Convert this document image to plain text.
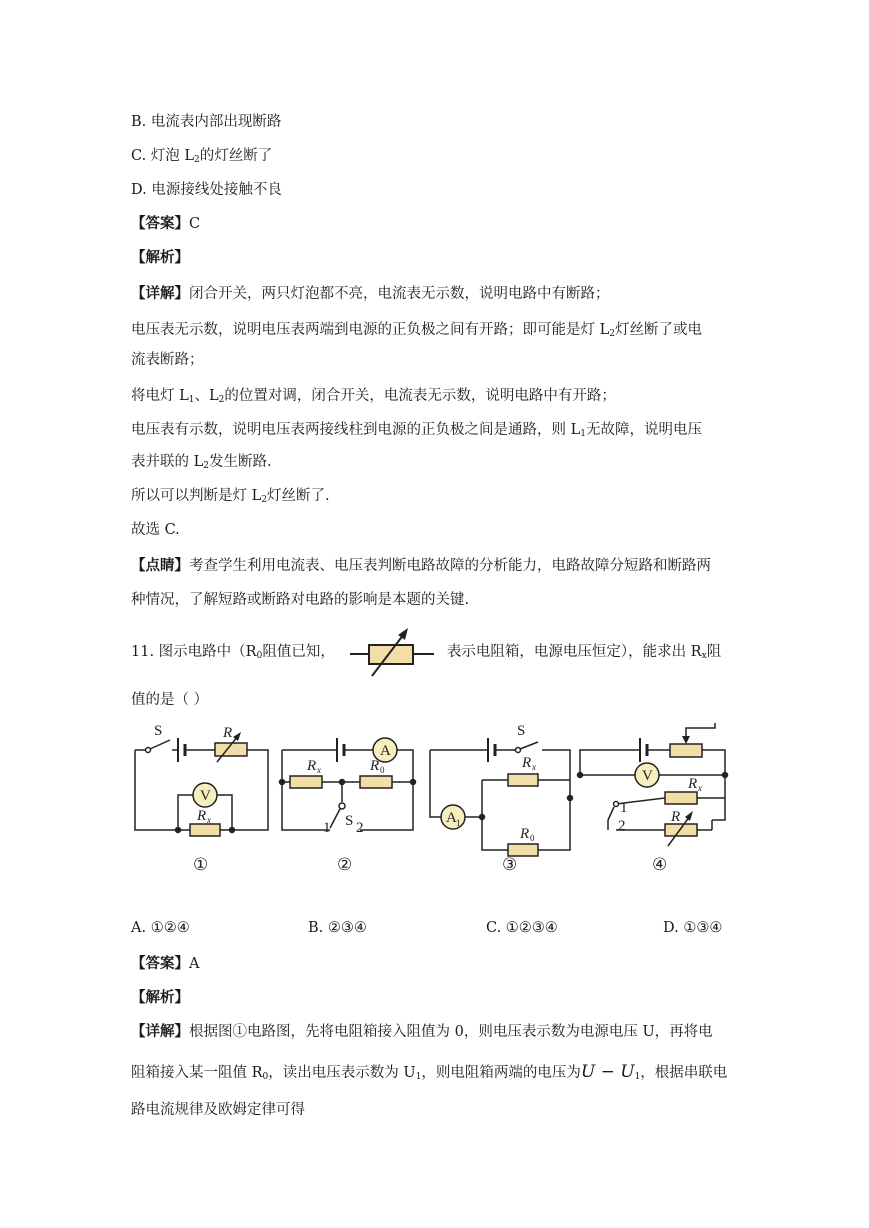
B. 电流表内部出现断路
C. 灯泡 $L_2$的灯丝断了
D. 电源接线处接触不良
【答案】C
【解析】
【详解】闭合开关，两只灯泡都不亮，电流表无示数，说明电路中有断路；
电压表无示数，说明电压表两端到电源的正负极之间有开路；即可能是灯 $L_2$灯丝断了或电
流表断路；
将电灯 $L_1$、$L_2$的位置对调，闭合开关，电流表无示数，说明电路中有开路；
电压表有示数，说明电压表两接线柱到电源的正负极之间是通路，则 $L_1$无故障，说明电压
表并联的 $L_2$发生断路.
所以可以判断是灯 $L_2$灯丝断了.
故选 C.
【点睛】考查学生利用电流表、电压表判断电路故障的分析能力，电路故障分短路和断路两
种情况，了解短路或断路对电路的影响是本题的关键.
11. 图示电路中（$R_0$阻值已知，	表示电阻箱，电源电压恒定），能求出 $R_x$阻
值的是（ ）
S	R
V
R x
①
R x	R 0
A
S
1 2
②
S
R x
R 0
A 1
③
V R x
R
1
2
④
A. ①②④	B. ②③④	C. ①②③④	D. ①③④
【答案】A
【解析】
【详解】根据图①电路图，先将电阻箱接入阻值为 0，则电压表示数为电源电压 U，再将电
阻箱接入某一阻值 $R_0$，读出电压表示数为 $U_1$，则电阻箱两端的电压为$U - U_1$，根据串联电
路电流规律及欧姆定律可得
